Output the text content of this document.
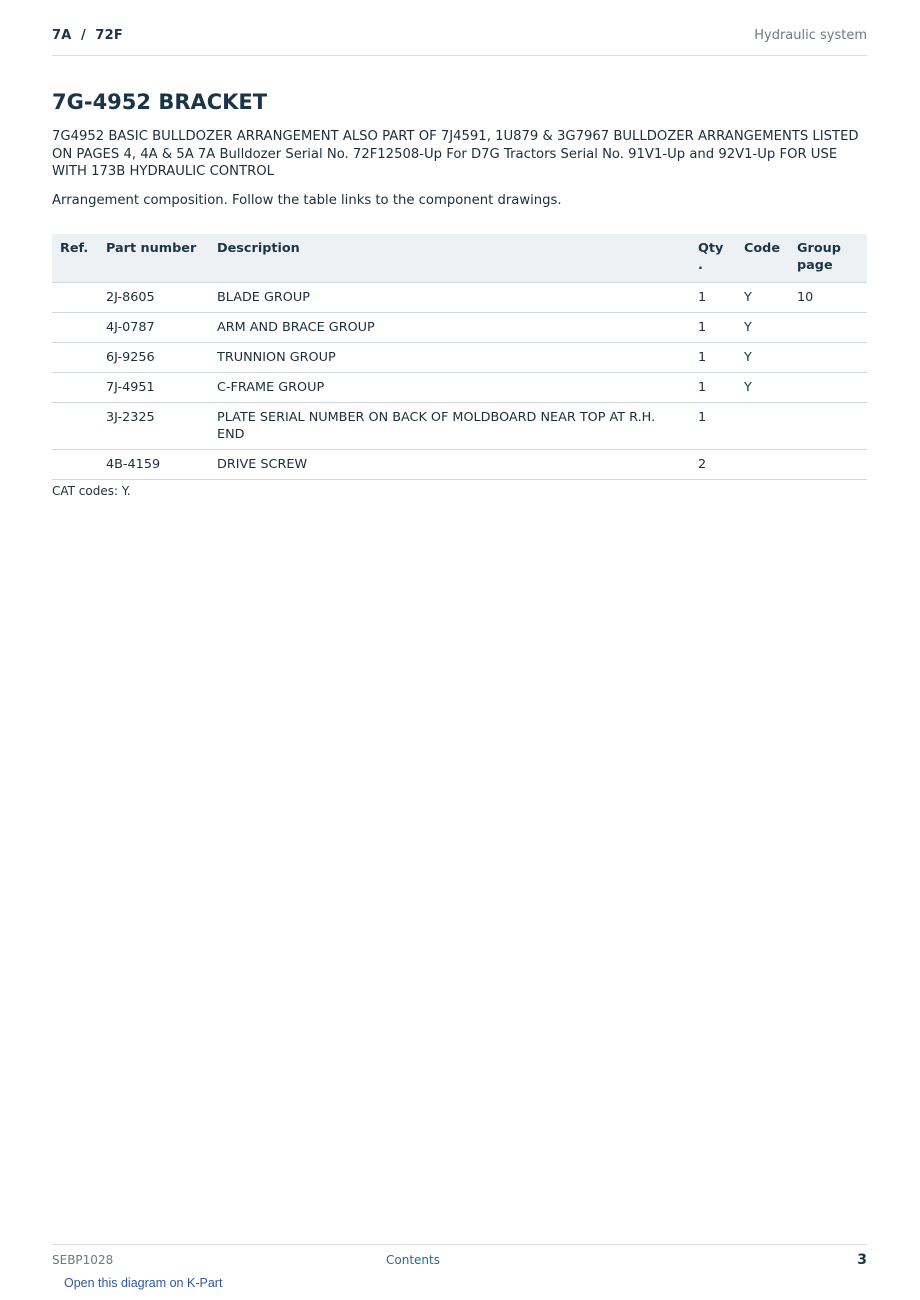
7A  /  72F	Hydraulic system
7G-4952 BRACKET
7G4952 BASIC BULLDOZER ARRANGEMENT ALSO PART OF 7J4591, 1U879 & 3G7967 BULLDOZER ARRANGEMENTS LISTED ON PAGES 4, 4A & 5A 7A Bulldozer Serial No. 72F12508-Up For D7G Tractors Serial No. 91V1-Up and 92V1-Up FOR USE WITH 173B HYDRAULIC CONTROL
Arrangement composition. Follow the table links to the component drawings.
Ref.	Part number	Description	Qty .	Code	Group page
	2J-8605	BLADE GROUP	1	Y	10
	4J-0787	ARM AND BRACE GROUP	1	Y	
	6J-9256	TRUNNION GROUP	1	Y	
	7J-4951	C-FRAME GROUP	1	Y	
	3J-2325	PLATE SERIAL NUMBER ON BACK OF MOLDBOARD NEAR TOP AT R.H. END	1		
	4B-4159	DRIVE SCREW	2		
CAT codes: Y.
SEBP1028	Contents	3
Open this diagram on K-Part
